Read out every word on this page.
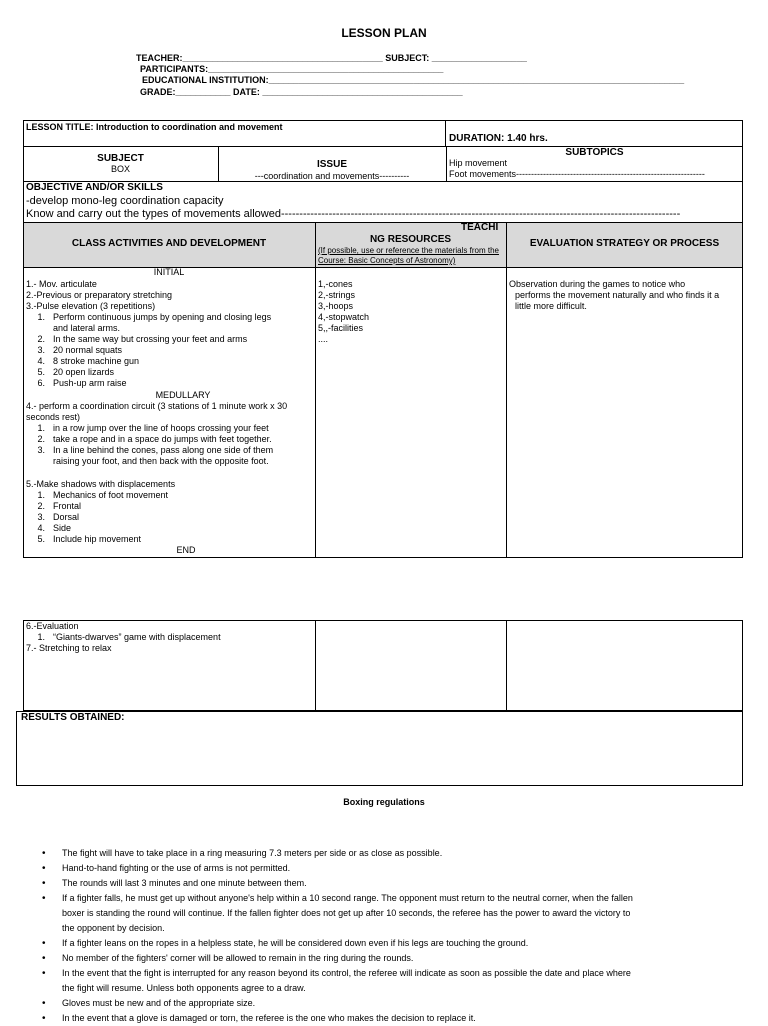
LESSON PLAN
TEACHER:________________________________________ SUBJECT: ___________________
PARTICIPANTS:_______________________________________________
EDUCATIONAL INSTITUTION:___________________________________________________________________________________
GRADE:___________ DATE: ________________________________________
LESSON TITLE: Introduction to coordination and movement
DURATION: 1.40 hrs.
SUBJECT
BOX	ISSUE
---coordination and movements----------
SUBTOPICS
Hip movement
Foot movements---------------------------------------------------------------
OBJECTIVE AND/OR SKILLS
-develop mono-leg coordination capacity
Know and carry out the types of movements allowed-------------------------------------------------------------------------------------------------------------
CLASS ACTIVITIES AND DEVELOPMENT
TEACHI
NG RESOURCES
(If possible, use or reference the materials from the Course: Basic Concepts of Astronomy)
EVALUATION STRATEGY OR PROCESS
INITIAL
1.- Mov. articulate
2.-Previous or preparatory stretching
3.-Pulse elevation (3 repetitions)
1. Perform continuous jumps by opening and closing legs
and lateral arms.
2. In the same way but crossing your feet and arms
3. 20 normal squats
4. 8 stroke machine gun
5. 20 open lizards
6. Push-up arm raise
MEDULLARY
4.- perform a coordination circuit (3 stations of 1 minute work x 30
seconds rest)
1. in a row jump over the line of hoops crossing your feet
2. take a rope and in a space do jumps with feet together.
3. In a line behind the cones, pass along one side of them
raising your foot, and then back with the opposite foot.
5.-Make shadows with displacements
1. Mechanics of foot movement
2. Frontal
3. Dorsal
4. Side
5. Include hip movement
END
1,-cones
2,-strings
3,-hoops
4,-stopwatch
5,,-facilities
....
Observation during the games to notice who
performs the movement naturally and who finds it a
little more difficult.
6.-Evaluation
1. “Giants-dwarves” game with displacement
7.- Stretching to relax
RESULTS OBTAINED:
Boxing regulations
•
The fight will have to take place in a ring measuring 7.3 meters per side or as close as possible.
•
Hand-to-hand fighting or the use of arms is not permitted.
•
The rounds will last 3 minutes and one minute between them.
•
If a fighter falls, he must get up without anyone's help within a 10 second range. The opponent must return to the neutral corner, when the fallen
boxer is standing the round will continue. If the fallen fighter does not get up after 10 seconds, the referee has the power to award the victory to
the opponent by decision.
•
If a fighter leans on the ropes in a helpless state, he will be considered down even if his legs are touching the ground.
•
No member of the fighters' corner will be allowed to remain in the ring during the rounds.
•
In the event that the fight is interrupted for any reason beyond its control, the referee will indicate as soon as possible the date and place where
the fight will resume. Unless both opponents agree to a draw.
•
Gloves must be new and of the appropriate size.
•
In the event that a glove is damaged or torn, the referee is the one who makes the decision to replace it.
